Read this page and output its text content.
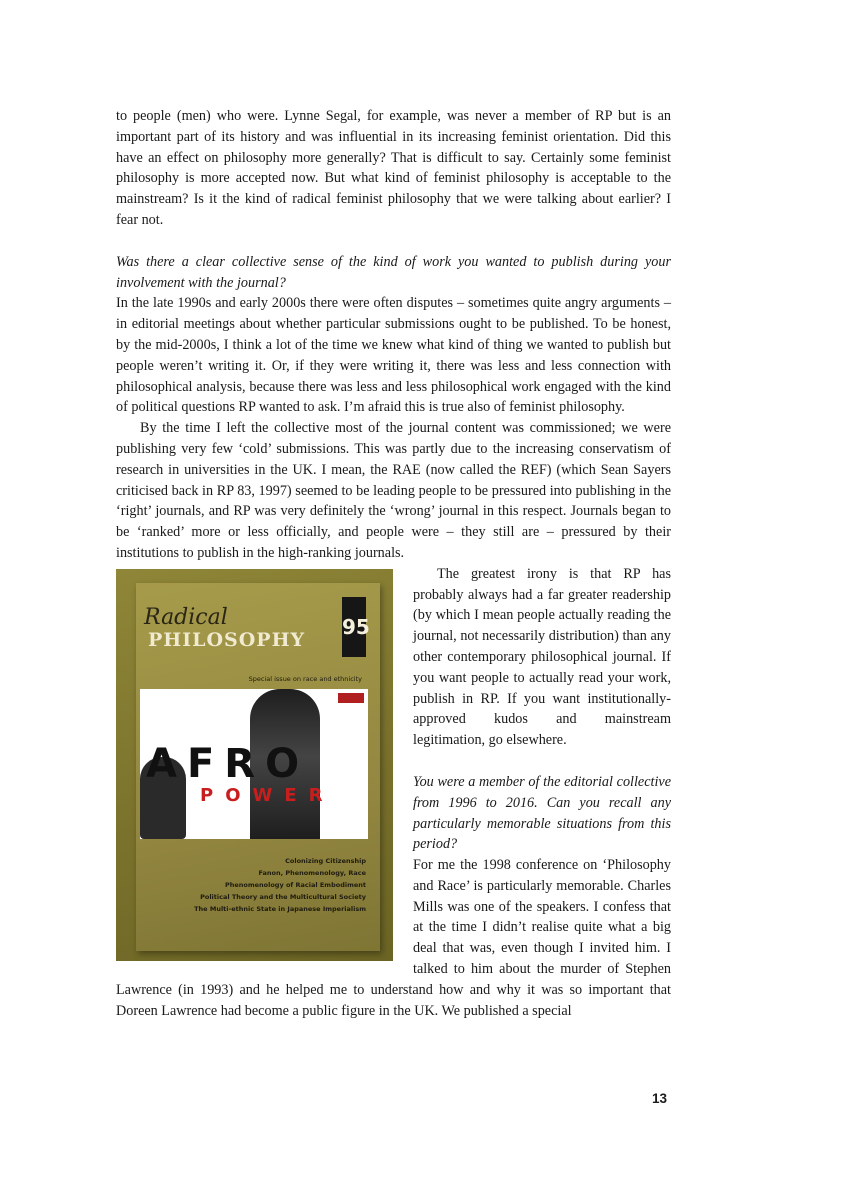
to people (men) who were. Lynne Segal, for example, was never a member of RP but is an important part of its history and was influential in its increasing feminist orientation. Did this have an effect on philosophy more generally? That is difficult to say. Certainly some feminist philosophy is more accepted now. But what kind of feminist philosophy is acceptable to the mainstream? Is it the kind of radical feminist philosophy that we were talking about earlier? I fear not.

Was there a clear collective sense of the kind of work you wanted to publish during your involvement with the journal?

In the late 1990s and early 2000s there were often disputes – sometimes quite angry arguments – in editorial meetings about whether particular submissions ought to be published. To be honest, by the mid-2000s, I think a lot of the time we knew what kind of thing we wanted to publish but people weren’t writing it. Or, if they were writing it, there was less and less connection with philosophical analysis, because there was less and less philosophical work engaged with the kind of political questions RP wanted to ask. I’m afraid this is true also of feminist philosophy.

By the time I left the collective most of the journal content was commissioned; we were publishing very few ‘cold’ submissions. This was partly due to the increasing conservatism of research in universities in the UK. I mean, the RAE (now called the REF) (which Sean Sayers criticised back in RP 83, 1997) seemed to be leading people to be pressured into publishing in the ‘right’ journals, and RP was very definitely the ‘wrong’ journal in this respect. Journals began to be ‘ranked’ more or less officially, and people were – they still are – pressured by their institutions to publish in the high-ranking journals.

Radical
PHILOSOPHY
95
Special issue on race and ethnicity
AFRO
POWER
Colonizing Citizenship
Fanon, Phenomenology, Race
Phenomenology of Racial Embodiment
Political Theory and the Multicultural Society
The Multi-ethnic State in Japanese Imperialism

The greatest irony is that RP has probably always had a far greater readership (by which I mean people actually reading the journal, not necessarily distribution) than any other contemporary philosophical journal. If you want people to actually read your work, publish in RP. If you want institutionally-approved kudos and mainstream legitimation, go elsewhere.

You were a member of the editorial collective from 1996 to 2016. Can you recall any particularly memorable situations from this period?

For me the 1998 conference on ‘Philosophy and Race’ is particularly memorable. Charles Mills was one of the speakers. I confess that at the time I didn’t realise quite what a big deal that was, even though I invited him. I talked to him about the murder of Stephen Lawrence (in 1993) and he helped me to understand how and why it was so important that Doreen Lawrence had become a public figure in the UK. We published a special

13
